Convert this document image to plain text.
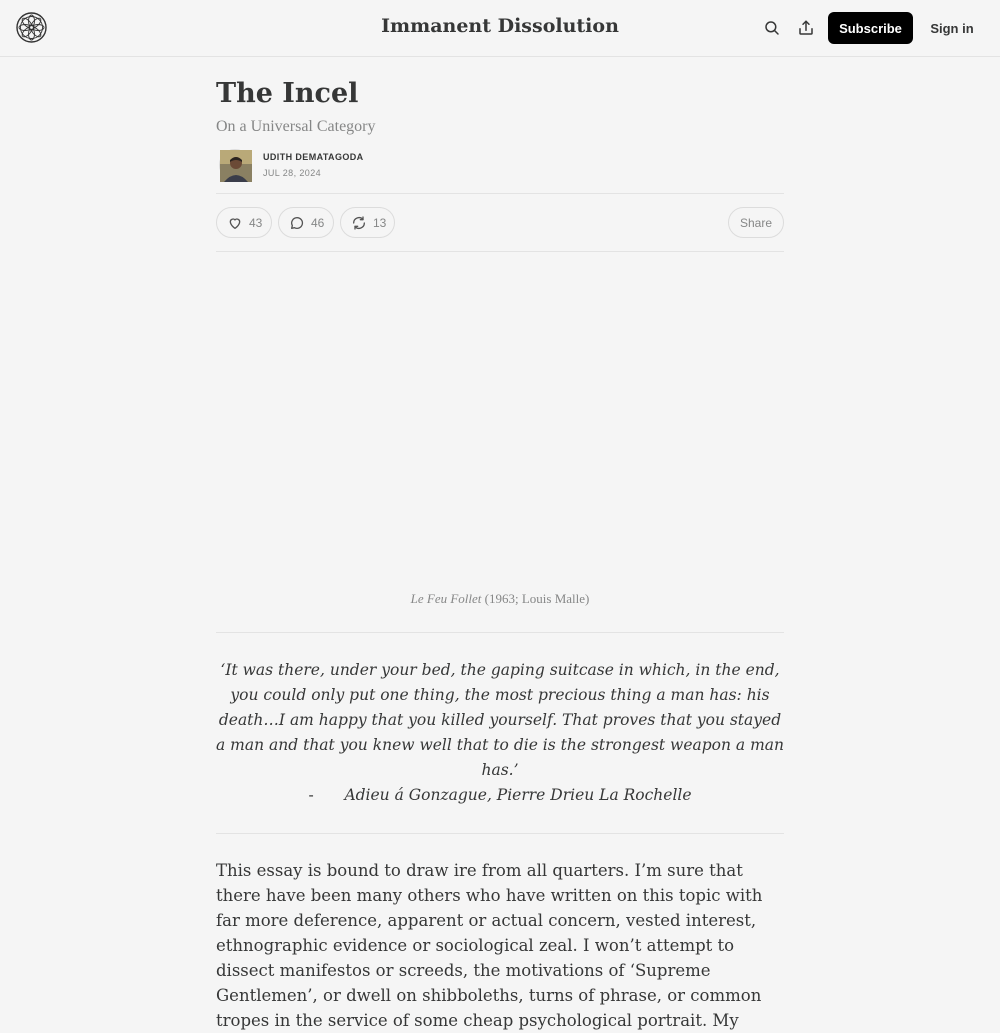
Immanent Dissolution	Subscribe	Sign in
The Incel
On a Universal Category
UDITH DEMATAGODA
JUL 28, 2024
43	46	13	Share
Le Feu Follet (1963; Louis Malle)
‘It was there, under your bed, the gaping suitcase in which, in the end, you could only put one thing, the most precious thing a man has: his death…I am happy that you killed yourself. That proves that you stayed a man and that you knew well that to die is the strongest weapon a man has.’
- Adieu á Gonzague, Pierre Drieu La Rochelle

This essay is bound to draw ire from all quarters. I’m sure that there have been many others who have written on this topic with far more deference, apparent or actual concern, vested interest, ethnographic evidence or sociological zeal. I won’t attempt to dissect manifestos or screeds, the motivations of ‘Supreme Gentlemen’, or dwell on shibboleths, turns of phrase, or common tropes in the service of some cheap psychological portrait. My
